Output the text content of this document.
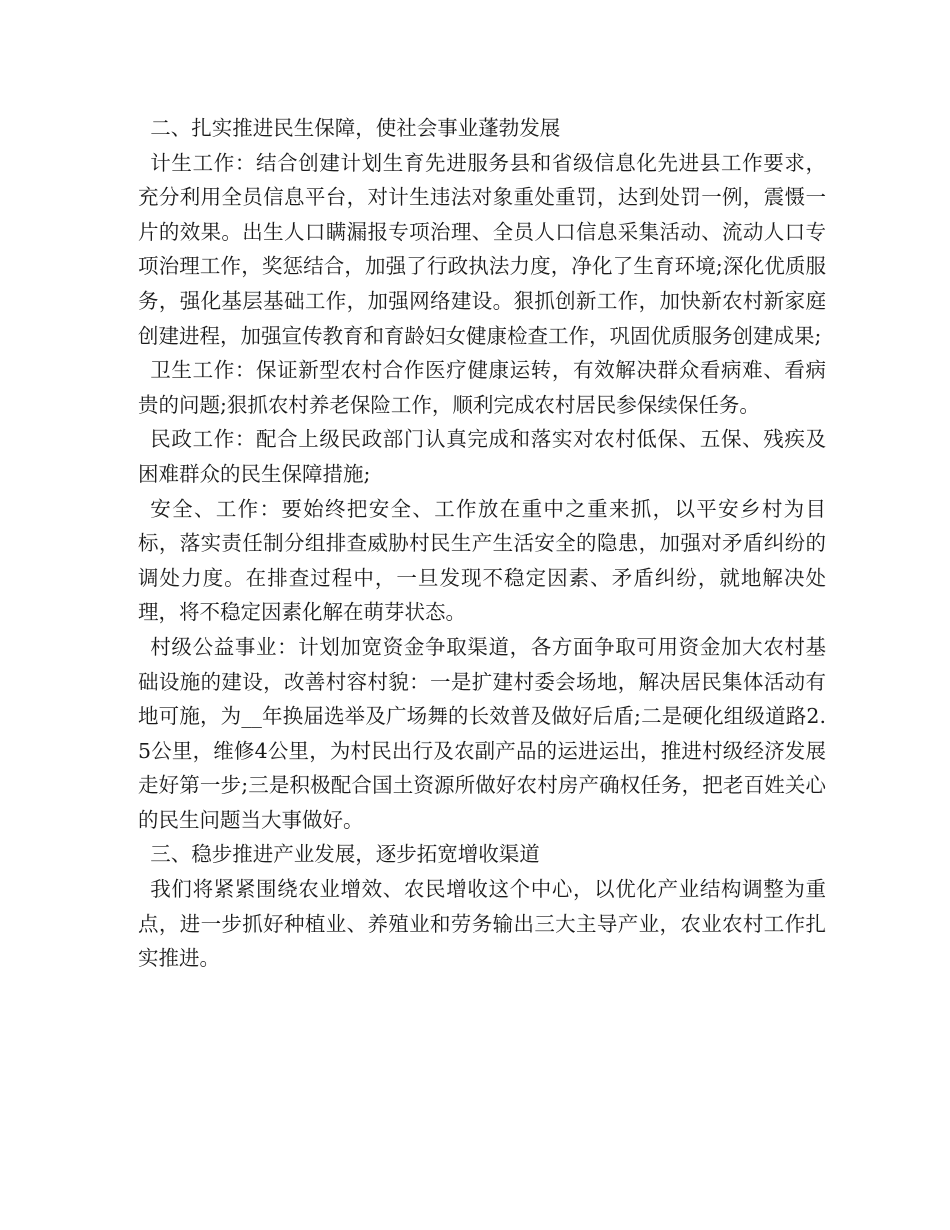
二、扎实推进民生保障，使社会事业蓬勃发展

计生工作：结合创建计划生育先进服务县和省级信息化先进县工作要求，充分利用全员信息平台，对计生违法对象重处重罚，达到处罚一例，震慑一片的效果。出生人口瞒漏报专项治理、全员人口信息采集活动、流动人口专项治理工作，奖惩结合，加强了行政执法力度，净化了生育环境;深化优质服务，强化基层基础工作，加强网络建设。狠抓创新工作，加快新农村新家庭创建进程，加强宣传教育和育龄妇女健康检查工作，巩固优质服务创建成果;

卫生工作：保证新型农村合作医疗健康运转，有效解决群众看病难、看病贵的问题;狠抓农村养老保险工作，顺利完成农村居民参保续保任务。

民政工作：配合上级民政部门认真完成和落实对农村低保、五保、残疾及困难群众的民生保障措施;

安全、工作：要始终把安全、工作放在重中之重来抓，以平安乡村为目标，落实责任制分组排查威胁村民生产生活安全的隐患，加强对矛盾纠纷的调处力度。在排查过程中，一旦发现不稳定因素、矛盾纠纷，就地解决处理，将不稳定因素化解在萌芽状态。

村级公益事业：计划加宽资金争取渠道，各方面争取可用资金加大农村基础设施的建设，改善村容村貌：一是扩建村委会场地，解决居民集体活动有地可施，为__年换届选举及广场舞的长效普及做好后盾;二是硬化组级道路2.5公里，维修4公里，为村民出行及农副产品的运进运出，推进村级经济发展走好第一步;三是积极配合国土资源所做好农村房产确权任务，把老百姓关心的民生问题当大事做好。

三、稳步推进产业发展，逐步拓宽增收渠道

我们将紧紧围绕农业增效、农民增收这个中心，以优化产业结构调整为重点，进一步抓好种植业、养殖业和劳务输出三大主导产业，农业农村工作扎实推进。
